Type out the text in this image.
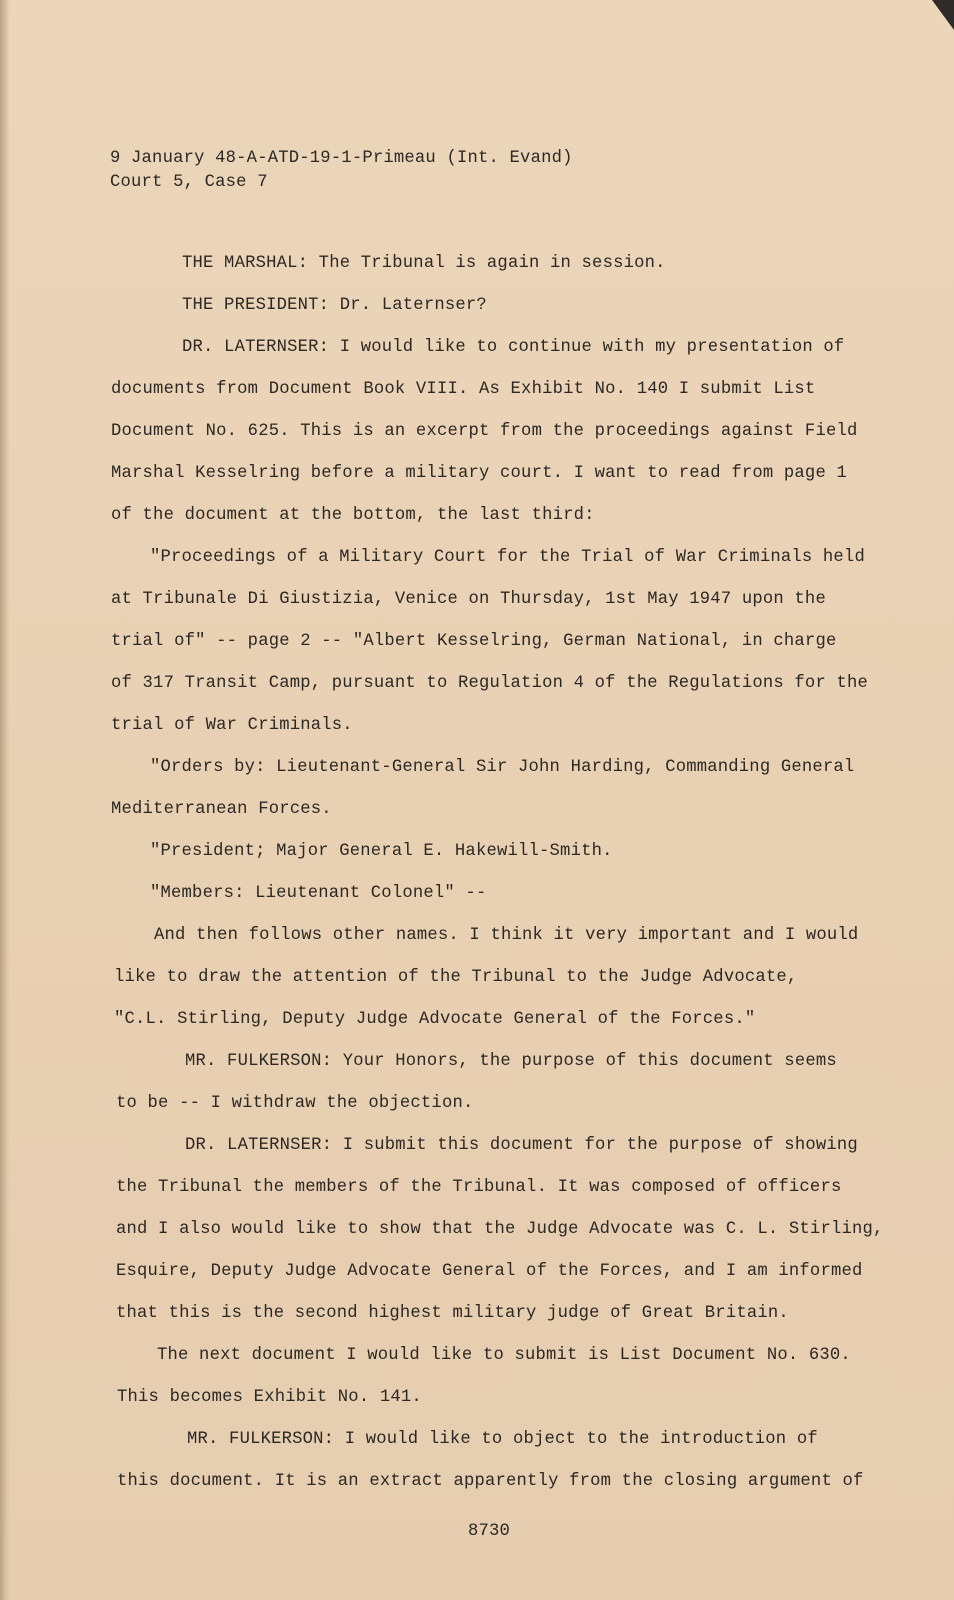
9 January 48-A-ATD-19-1-Primeau (Int. Evand)
Court 5, Case 7
THE MARSHAL: The Tribunal is again in session.
THE PRESIDENT: Dr. Laternser?
DR. LATERNSER: I would like to continue with my presentation of
documents from Document Book VIII. As Exhibit No. 140 I submit List
Document No. 625. This is an excerpt from the proceedings against Field
Marshal Kesselring before a military court. I want to read from page 1
of the document at the bottom, the last third:
"Proceedings of a Military Court for the Trial of War Criminals held
at Tribunale Di Giustizia, Venice on Thursday, 1st May 1947 upon the
trial of" -- page 2 -- "Albert Kesselring, German National, in charge
of 317 Transit Camp, pursuant to Regulation 4 of the Regulations for the
trial of War Criminals.
"Orders by: Lieutenant-General Sir John Harding, Commanding General
Mediterranean Forces.
"President; Major General E. Hakewill-Smith.
"Members: Lieutenant Colonel" --
And then follows other names. I think it very important and I would
like to draw the attention of the Tribunal to the Judge Advocate,
"C.L. Stirling, Deputy Judge Advocate General of the Forces."
MR. FULKERSON: Your Honors, the purpose of this document seems
to be -- I withdraw the objection.
DR. LATERNSER: I submit this document for the purpose of showing
the Tribunal the members of the Tribunal. It was composed of officers
and I also would like to show that the Judge Advocate was C. L. Stirling,
Esquire, Deputy Judge Advocate General of the Forces, and I am informed
that this is the second highest military judge of Great Britain.
The next document I would like to submit is List Document No. 630.
This becomes Exhibit No. 141.
MR. FULKERSON: I would like to object to the introduction of
this document. It is an extract apparently from the closing argument of
8730
